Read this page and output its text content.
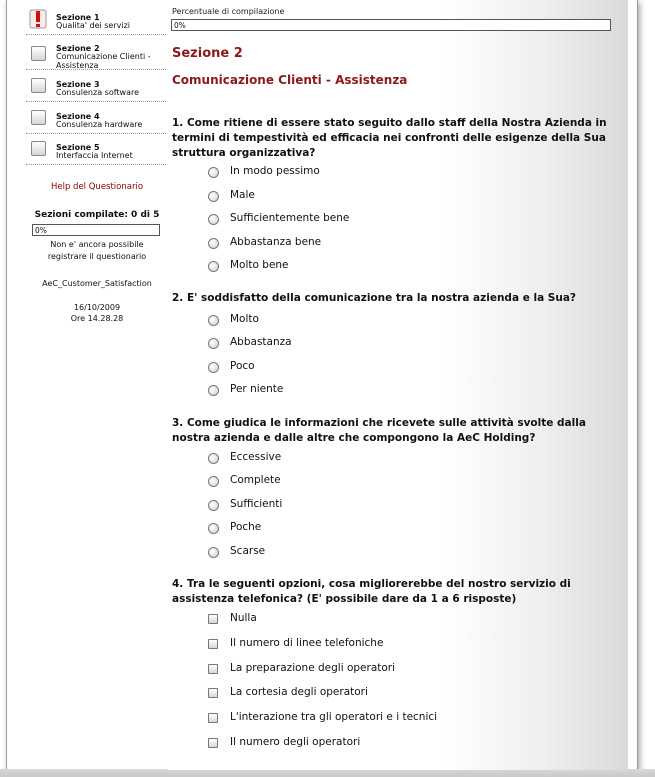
Sezione 1
Qualita' dei servizi
Sezione 2
Comunicazione Clienti - Assistenza
Sezione 3
Consulenza software
Sezione 4
Consulenza hardware
Sezione 5
Interfaccia Internet
Help del Questionario
Sezioni compilate: 0 di 5
0%
Non e' ancora possibile
registrare il questionario
AeC_Customer_Satisfaction
16/10/2009
Ore 14.28.28
Percentuale di compilazione
0%
Sezione 2
Comunicazione Clienti - Assistenza
1. Come ritiene di essere stato seguito dallo staff della Nostra Azienda in termini di tempestività ed efficacia nei confronti delle esigenze della Sua struttura organizzativa?
In modo pessimo
Male
Sufficientemente bene
Abbastanza bene
Molto bene
2. E' soddisfatto della comunicazione tra la nostra azienda e la Sua?
Molto
Abbastanza
Poco
Per niente
3. Come giudica le informazioni che ricevete sulle attività svolte dalla nostra azienda e dalle altre che compongono la AeC Holding?
Eccessive
Complete
Sufficienti
Poche
Scarse
4. Tra le seguenti opzioni, cosa migliorerebbe del nostro servizio di assistenza telefonica? (E' possibile dare da 1 a 6 risposte)
Nulla
Il numero di linee telefoniche
La preparazione degli operatori
La cortesia degli operatori
L'interazione tra gli operatori e i tecnici
Il numero degli operatori
